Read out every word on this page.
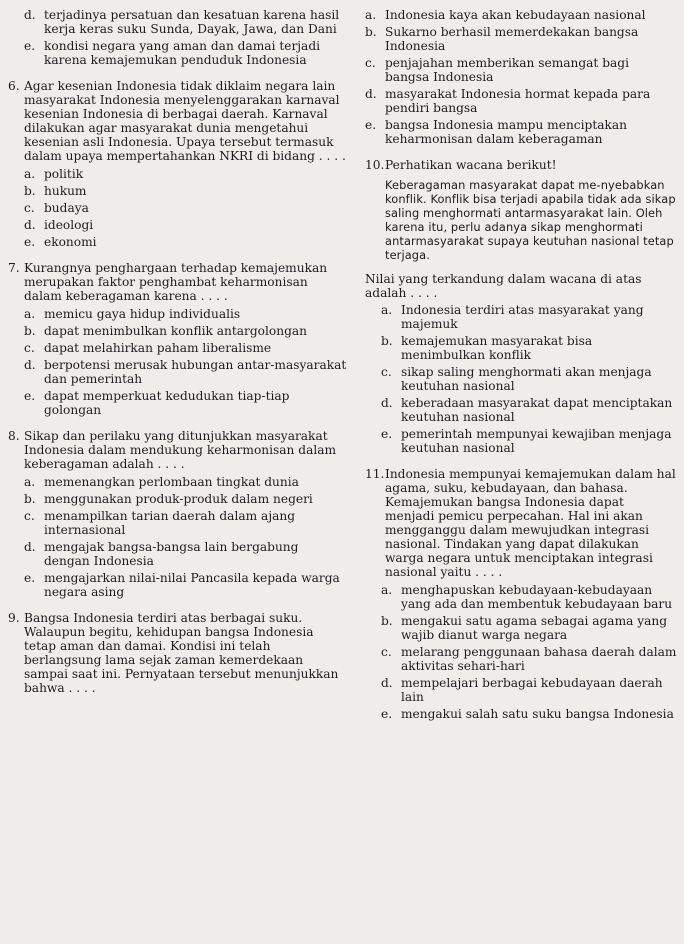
d. terjadinya persatuan dan kesatuan karena hasil kerja keras suku Sunda, Dayak, Jawa, dan Dani
e. kondisi negara yang aman dan damai terjadi karena kemajemukan penduduk Indonesia
6. Agar kesenian Indonesia tidak diklaim negara lain masyarakat Indonesia menyelenggarakan karnaval kesenian Indonesia di berbagai daerah. Karnaval dilakukan agar masyarakat dunia mengetahui kesenian asli Indonesia. Upaya tersebut termasuk dalam upaya mempertahankan NKRI di bidang . . . .
a. politik
b. hukum
c. budaya
d. ideologi
e. ekonomi
7. Kurangnya penghargaan terhadap kemajemukan merupakan faktor penghambat keharmonisan dalam keberagaman karena . . . .
a. memicu gaya hidup individualis
b. dapat menimbulkan konflik antargolongan
c. dapat melahirkan paham liberalisme
d. berpotensi merusak hubungan antar-masyarakat dan pemerintah
e. dapat memperkuat kedudukan tiap-tiap golongan
8. Sikap dan perilaku yang ditunjukkan masyarakat Indonesia dalam mendukung keharmonisan dalam keberagaman adalah . . . .
a. memenangkan perlombaan tingkat dunia
b. menggunakan produk-produk dalam negeri
c. menampilkan tarian daerah dalam ajang internasional
d. mengajak bangsa-bangsa lain bergabung dengan Indonesia
e. mengajarkan nilai-nilai Pancasila kepada warga negara asing
9. Bangsa Indonesia terdiri atas berbagai suku. Walaupun begitu, kehidupan bangsa Indonesia tetap aman dan damai. Kondisi ini telah berlangsung lama sejak zaman kemerdekaan sampai saat ini. Pernyataan tersebut menunjukkan bahwa . . . .
a. Indonesia kaya akan kebudayaan nasional
b. Sukarno berhasil memerdekakan bangsa Indonesia
c. penjajahan memberikan semangat bagi bangsa Indonesia
d. masyarakat Indonesia hormat kepada para pendiri bangsa
e. bangsa Indonesia mampu menciptakan keharmonisan dalam keberagaman
10.Perhatikan wacana berikut!
Keberagaman masyarakat dapat me-nyebabkan konflik. Konflik bisa terjadi apabila tidak ada sikap saling menghormati antarmasyarakat lain. Oleh karena itu, perlu adanya sikap menghormati antarmasyarakat supaya keutuhan nasional tetap terjaga.
Nilai yang terkandung dalam wacana di atas adalah . . . .
a. Indonesia terdiri atas masyarakat yang majemuk
b. kemajemukan masyarakat bisa menimbulkan konflik
c. sikap saling menghormati akan menjaga keutuhan nasional
d. keberadaan masyarakat dapat menciptakan keutuhan nasional
e. pemerintah mempunyai kewajiban menjaga keutuhan nasional
11.Indonesia mempunyai kemajemukan dalam hal agama, suku, kebudayaan, dan bahasa. Kemajemukan bangsa Indonesia dapat menjadi pemicu perpecahan. Hal ini akan mengganggu dalam mewujudkan integrasi nasional. Tindakan yang dapat dilakukan warga negara untuk menciptakan integrasi nasional yaitu . . . .
a. menghapuskan kebudayaan-kebudayaan yang ada dan membentuk kebudayaan baru
b. mengakui satu agama sebagai agama yang wajib dianut warga negara
c. melarang penggunaan bahasa daerah dalam aktivitas sehari-hari
d. mempelajari berbagai kebudayaan daerah lain
e. mengakui salah satu suku bangsa Indonesia
